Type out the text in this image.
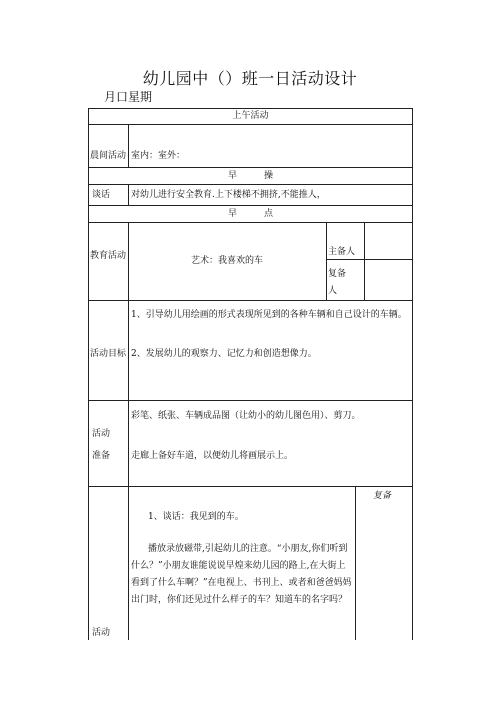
幼儿园中（）班一日活动设计
月口星期
上午活动
晨间活动 室内：室外：
早　　　操
谈话 对幼儿进行安全教育.上下楼梯不拥挤,不能推人，
早　　　点
教育活动	艺术：我喜欢的车
主备人
复备人
活动目标
1、引导幼儿用绘画的形式表现所见到的各种车辆和自己设计的车辆。
2、发展幼儿的观察力、记忆力和创造想像力。
活动
准备
彩笔、纸张、车辆成品图（让幼小的幼儿图色用）、剪刀。
走廊上备好车道，以便幼儿将画展示上。
复备
1、谈话：我见到的车。
播放录放磁带,引起幼儿的注意。“小朋友,你们听到什么？”小朋友谁能说说早煌来幼儿园的路上,在大街上看到了什么车啊？”在电视上、书刊上、或者和爸爸妈妈出门时，你们还见过什么样子的车？知道车的名字吗？
活动
